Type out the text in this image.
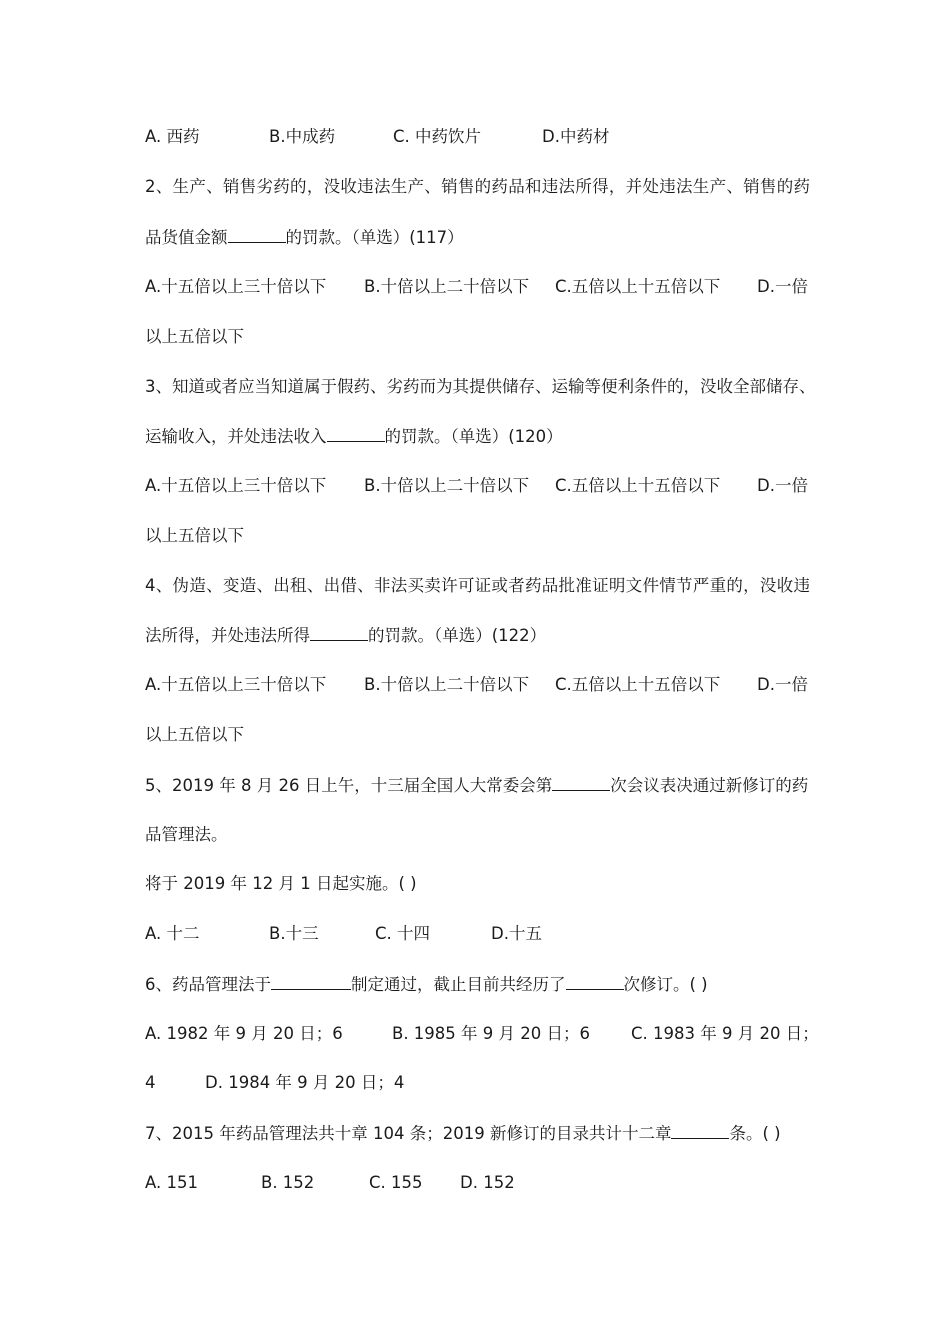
A. 西药	B.中成药	C. 中药饮片	D.中药材
2、生产、销售劣药的，没收违法生产、销售的药品和违法所得，并处违法生产、销售的药
品货值金额	的罚款。（单选）(117）
A.十五倍以上三十倍以下 B.十倍以上二十倍以下 C.五倍以上十五倍以下 D.一倍
以上五倍以下
3、知道或者应当知道属于假药、劣药而为其提供储存、运输等便利条件的，没收全部储存、
运输收入，并处违法收入	的罚款。（单选）(120）
A.十五倍以上三十倍以下 B.十倍以上二十倍以下 C.五倍以上十五倍以下 D.一倍
以上五倍以下
4、伪造、变造、出租、出借、非法买卖许可证或者药品批准证明文件情节严重的，没收违
法所得，并处违法所得	的罚款。（单选）(122）
A.十五倍以上三十倍以下 B.十倍以上二十倍以下 C.五倍以上十五倍以下 D.一倍
以上五倍以下
5、2019 年 8 月 26 日上午，十三届全国人大常委会第	次会议表决通过新修订的药
品管理法。
将于 2019 年 12 月 1 日起实施。( )
A. 十二	B.十三	C. 十四	D.十五
6、药品管理法于	制定通过，截止目前共经历了	次修订。( )
A. 1982 年 9 月 20 日；6	B. 1985 年 9 月 20 日；6 C. 1983 年 9 月 20 日；
4	D. 1984 年 9 月 20 日；4
7、2015 年药品管理法共十章 104 条；2019 新修订的目录共计十二章	条。( )
A. 151	B. 152	C. 155 D. 152
